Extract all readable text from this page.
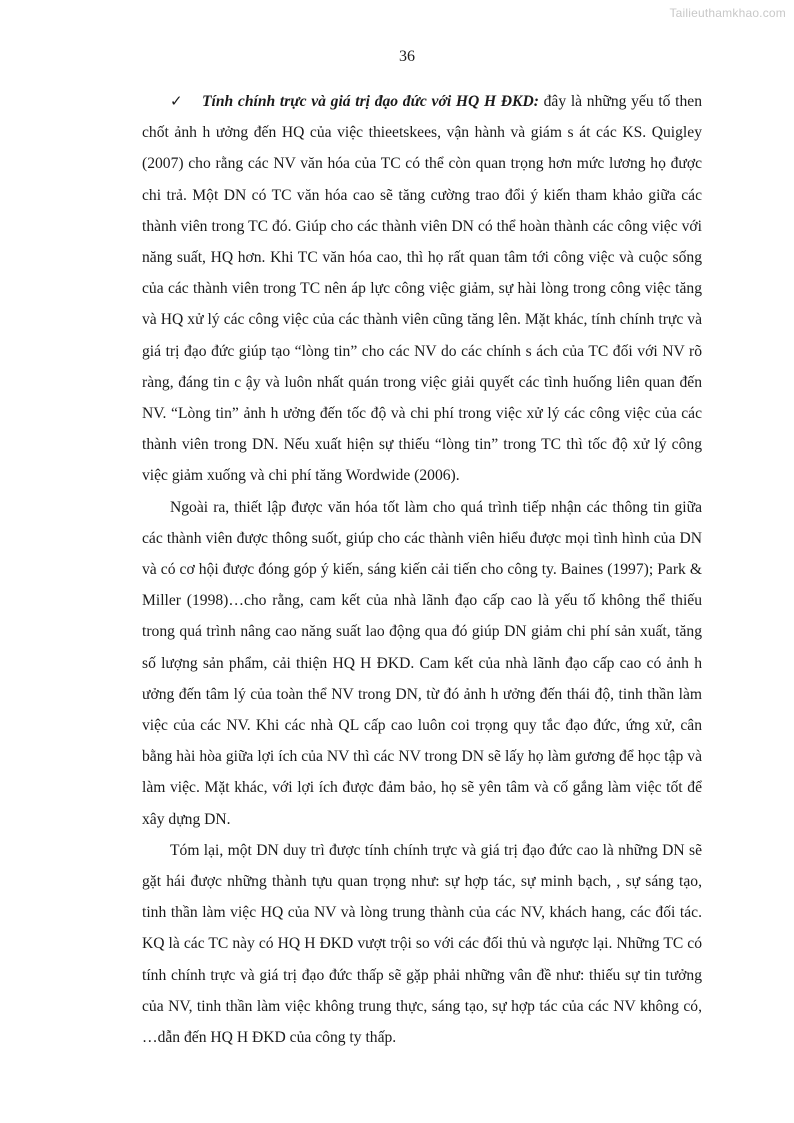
Tailieuthamkhao.com
36

✓ Tính chính trực và giá trị đạo đức với HQ H ĐKD: đây là những yếu tố then chốt ảnh h ưởng đến HQ của việc thieetskees, vận hành và giám s át các KS. Quigley (2007) cho rằng các NV văn hóa của TC có thể còn quan trọng hơn mức lương họ được chi trả. Một DN có TC văn hóa cao sẽ tăng cường trao đổi ý kiến tham khảo giữa các thành viên trong TC đó. Giúp cho các thành viên DN có thể hoàn thành các công việc với năng suất, HQ hơn. Khi TC văn hóa cao, thì họ rất quan tâm tới công việc và cuộc sống của các thành viên trong TC nên áp lực công việc giảm, sự hài lòng trong công việc tăng và HQ xử lý các công việc của các thành viên cũng tăng lên. Mặt khác, tính chính trực và giá trị đạo đức giúp tạo “lòng tin” cho các NV do các chính s ách của TC đối với NV rõ ràng, đáng tin c ậy và luôn nhất quán trong việc giải quyết các tình huống liên quan đến NV. “Lòng tin” ảnh h ưởng đến tốc độ và chi phí trong việc xử lý các công việc của các thành viên trong DN. Nếu xuất hiện sự thiếu “lòng tin” trong TC thì tốc độ xử lý công việc giảm xuống và chi phí tăng Wordwide (2006).

Ngoài ra, thiết lập được văn hóa tốt làm cho quá trình tiếp nhận các thông tin giữa các thành viên được thông suốt, giúp cho các thành viên hiểu được mọi tình hình của DN và có cơ hội được đóng góp ý kiến, sáng kiến cải tiến cho công ty. Baines (1997); Park & Miller (1998)…cho rằng, cam kết của nhà lãnh đạo cấp cao là yếu tố không thể thiếu trong quá trình nâng cao năng suất lao động qua đó giúp DN giảm chi phí sản xuất, tăng số lượng sản phẩm, cải thiện HQ H ĐKD. Cam kết của nhà lãnh đạo cấp cao có ảnh h ưởng đến tâm lý của toàn thể NV trong DN, từ đó ảnh h ưởng đến thái độ, tinh thần làm việc của các NV. Khi các nhà QL cấp cao luôn coi trọng quy tắc đạo đức, ứng xử, cân bằng hài hòa giữa lợi ích của NV thì các NV trong DN sẽ lấy họ làm gương để học tập và làm việc. Mặt khác, với lợi ích được đảm bảo, họ sẽ yên tâm và cố gắng làm việc tốt để xây dựng DN.

Tóm lại, một DN duy trì được tính chính trực và giá trị đạo đức cao là những DN sẽ gặt hái được những thành tựu quan trọng như: sự hợp tác, sự minh bạch, , sự sáng tạo, tinh thần làm việc HQ của NV và lòng trung thành của các NV, khách hang, các đối tác. KQ là các TC này có HQ H ĐKD vượt trội so với các đối thủ và ngược lại. Những TC có tính chính trực và giá trị đạo đức thấp sẽ gặp phải những vân đề như: thiếu sự tin tưởng của NV, tinh thần làm việc không trung thực, sáng tạo, sự hợp tác của các NV không có, …dẫn đến HQ H ĐKD của công ty thấp.
